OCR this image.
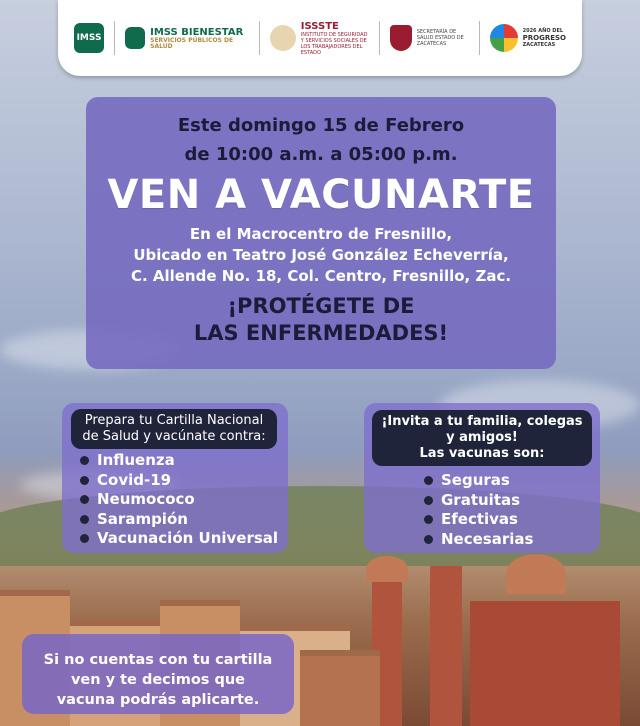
IMSS
IMSS BIENESTAR
SERVICIOS PÚBLICOS DE SALUD
ISSSTE
INSTITUTO DE SEGURIDAD Y SERVICIOS SOCIALES DE LOS TRABAJADORES DEL ESTADO
SECRETARÍA DE SALUD ESTADO DE ZACATECAS
2026 AÑO DEL
PROGRESO
ZACATECAS
Este domingo 15 de Febrero
de 10:00 a.m. a 05:00 p.m.
VEN A VACUNARTE
En el Macrocentro de Fresnillo,
Ubicado en Teatro José González Echeverría,
C. Allende No. 18, Col. Centro, Fresnillo, Zac.
¡PROTÉGETE DE
LAS ENFERMEDADES!
Prepara tu Cartilla Nacional
de Salud y vacúnate contra:
Influenza
Covid-19
Neumococo
Sarampión
Vacunación Universal
¡Invita a tu familia, colegas
y amigos!
Las vacunas son:
Seguras
Gratuitas
Efectivas
Necesarias
Si no cuentas con tu cartilla
ven y te decimos que
vacuna podrás aplicarte.
